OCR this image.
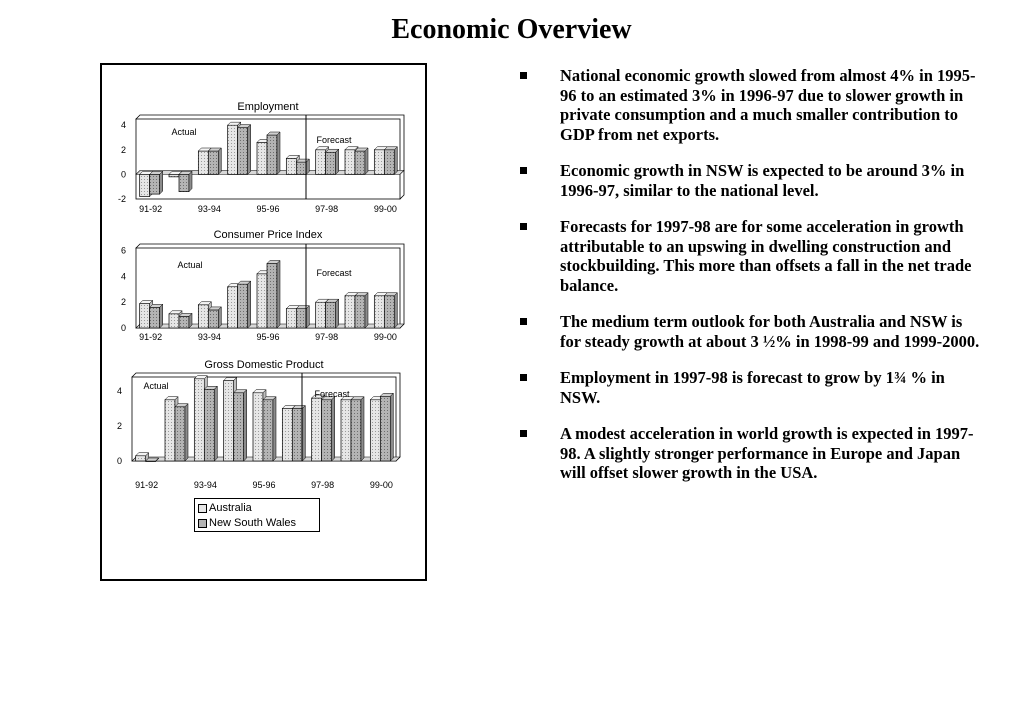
Economic Overview
Employment
-2
0
2
4
Actual
Forecast
91-92	93-94	95-96	97-98	99-00
Consumer Price Index
0
2
4
6
Actual
Forecast
91-92	93-94	95-96	97-98	99-00
Gross Domestic Product
0
2
4 Actual
Forecast
91-92	93-94	95-96	97-98	99-00
Australia
New South Wales
National economic growth slowed from almost 4% in 1995-96 to an estimated 3% in 1996-97 due to slower growth in private consumption and a much smaller contribution to GDP from net exports.
Economic growth in NSW is expected to be around 3% in 1996-97, similar to the national level.
Forecasts for 1997-98 are for some acceleration in growth attributable to an upswing in dwelling construction and stockbuilding. This more than offsets a fall in the net trade balance.
The medium term outlook for both Australia and NSW is for steady growth at about 3 ½% in 1998-99 and 1999-2000.
Employment in 1997-98 is forecast to grow by 1¾ % in NSW.
A modest acceleration in world growth is expected in 1997-98. A slightly stronger performance in Europe and Japan will offset slower growth in the USA.
